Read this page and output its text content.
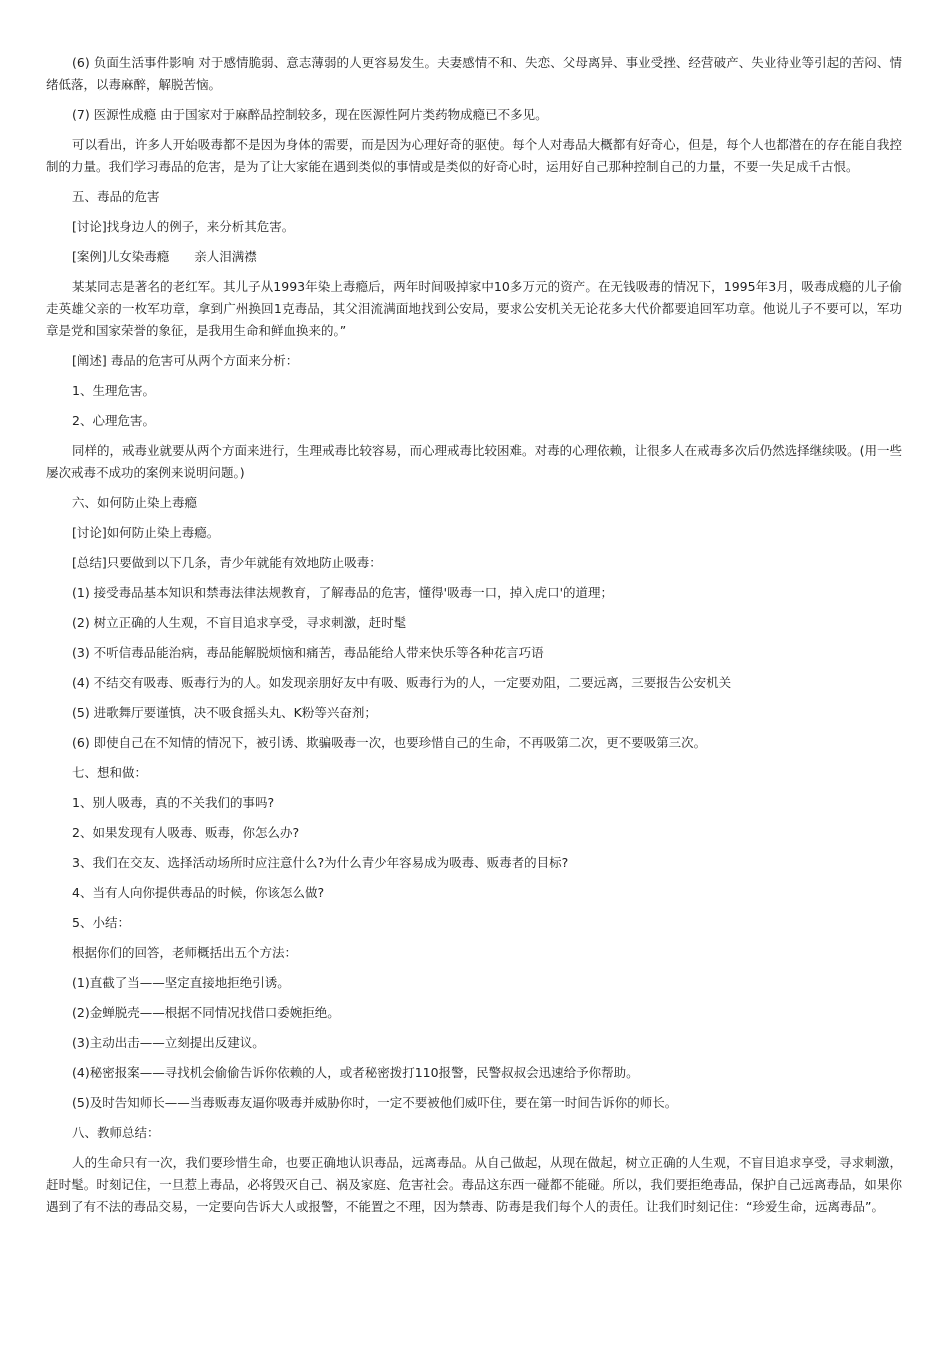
(6) 负面生活事件影响 对于感情脆弱、意志薄弱的人更容易发生。夫妻感情不和、失恋、父母离异、事业受挫、经营破产、失业待业等引起的苦闷、情绪低落，以毒麻醉，解脱苦恼。

(7) 医源性成瘾 由于国家对于麻醉品控制较多，现在医源性阿片类药物成瘾已不多见。

可以看出，许多人开始吸毒都不是因为身体的需要，而是因为心理好奇的驱使。每个人对毒品大概都有好奇心，但是，每个人也都潜在的存在能自我控制的力量。我们学习毒品的危害，是为了让大家能在遇到类似的事情或是类似的好奇心时，运用好自己那种控制自己的力量，不要一失足成千古恨。

五、毒品的危害

[讨论]找身边人的例子，来分析其危害。

[案例]儿女染毒瘾　　亲人泪满襟

某某同志是著名的老红军。其儿子从1993年染上毒瘾后，两年时间吸掉家中10多万元的资产。在无钱吸毒的情况下，1995年3月，吸毒成瘾的儿子偷走英雄父亲的一枚军功章，拿到广州换回1克毒品，其父泪流满面地找到公安局，要求公安机关无论花多大代价都要追回军功章。他说儿子不要可以，军功章是党和国家荣誉的象征，是我用生命和鲜血换来的。”

[阐述] 毒品的危害可从两个方面来分析：

1、生理危害。

2、心理危害。

同样的，戒毒业就要从两个方面来进行，生理戒毒比较容易，而心理戒毒比较困难。对毒的心理依赖，让很多人在戒毒多次后仍然选择继续吸。(用一些屡次戒毒不成功的案例来说明问题。)

六、如何防止染上毒瘾

[讨论]如何防止染上毒瘾。

[总结]只要做到以下几条，青少年就能有效地防止吸毒：

(1) 接受毒品基本知识和禁毒法律法规教育，了解毒品的危害，懂得'吸毒一口，掉入虎口'的道理；

(2) 树立正确的人生观，不盲目追求享受，寻求刺激，赶时髦

(3) 不听信毒品能治病，毒品能解脱烦恼和痛苦，毒品能给人带来快乐等各种花言巧语

(4) 不结交有吸毒、贩毒行为的人。如发现亲朋好友中有吸、贩毒行为的人，一定要劝阻，二要远离，三要报告公安机关

(5) 进歌舞厅要谨慎，决不吸食摇头丸、K粉等兴奋剂；

(6) 即使自己在不知情的情况下，被引诱、欺骗吸毒一次，也要珍惜自己的生命，不再吸第二次，更不要吸第三次。

七、想和做：

1、别人吸毒，真的不关我们的事吗?

2、如果发现有人吸毒、贩毒，你怎么办?

3、我们在交友、选择活动场所时应注意什么?为什么青少年容易成为吸毒、贩毒者的目标?

4、当有人向你提供毒品的时候，你该怎么做?

5、小结：

根据你们的回答，老师概括出五个方法：

(1)直截了当——坚定直接地拒绝引诱。

(2)金蝉脱壳——根据不同情况找借口委婉拒绝。

(3)主动出击——立刻提出反建议。

(4)秘密报案——寻找机会偷偷告诉你依赖的人，或者秘密拨打110报警，民警叔叔会迅速给予你帮助。

(5)及时告知师长——当毒贩毒友逼你吸毒并威胁你时，一定不要被他们威吓住，要在第一时间告诉你的师长。

八、教师总结：

人的生命只有一次，我们要珍惜生命，也要正确地认识毒品，远离毒品。从自己做起，从现在做起，树立正确的人生观，不盲目追求享受，寻求刺激，赶时髦。时刻记住，一旦惹上毒品，必将毁灭自己、祸及家庭、危害社会。毒品这东西一碰都不能碰。所以，我们要拒绝毒品，保护自己远离毒品，如果你遇到了有不法的毒品交易，一定要向告诉大人或报警，不能置之不理，因为禁毒、防毒是我们每个人的责任。让我们时刻记住：“珍爱生命，远离毒品”。
